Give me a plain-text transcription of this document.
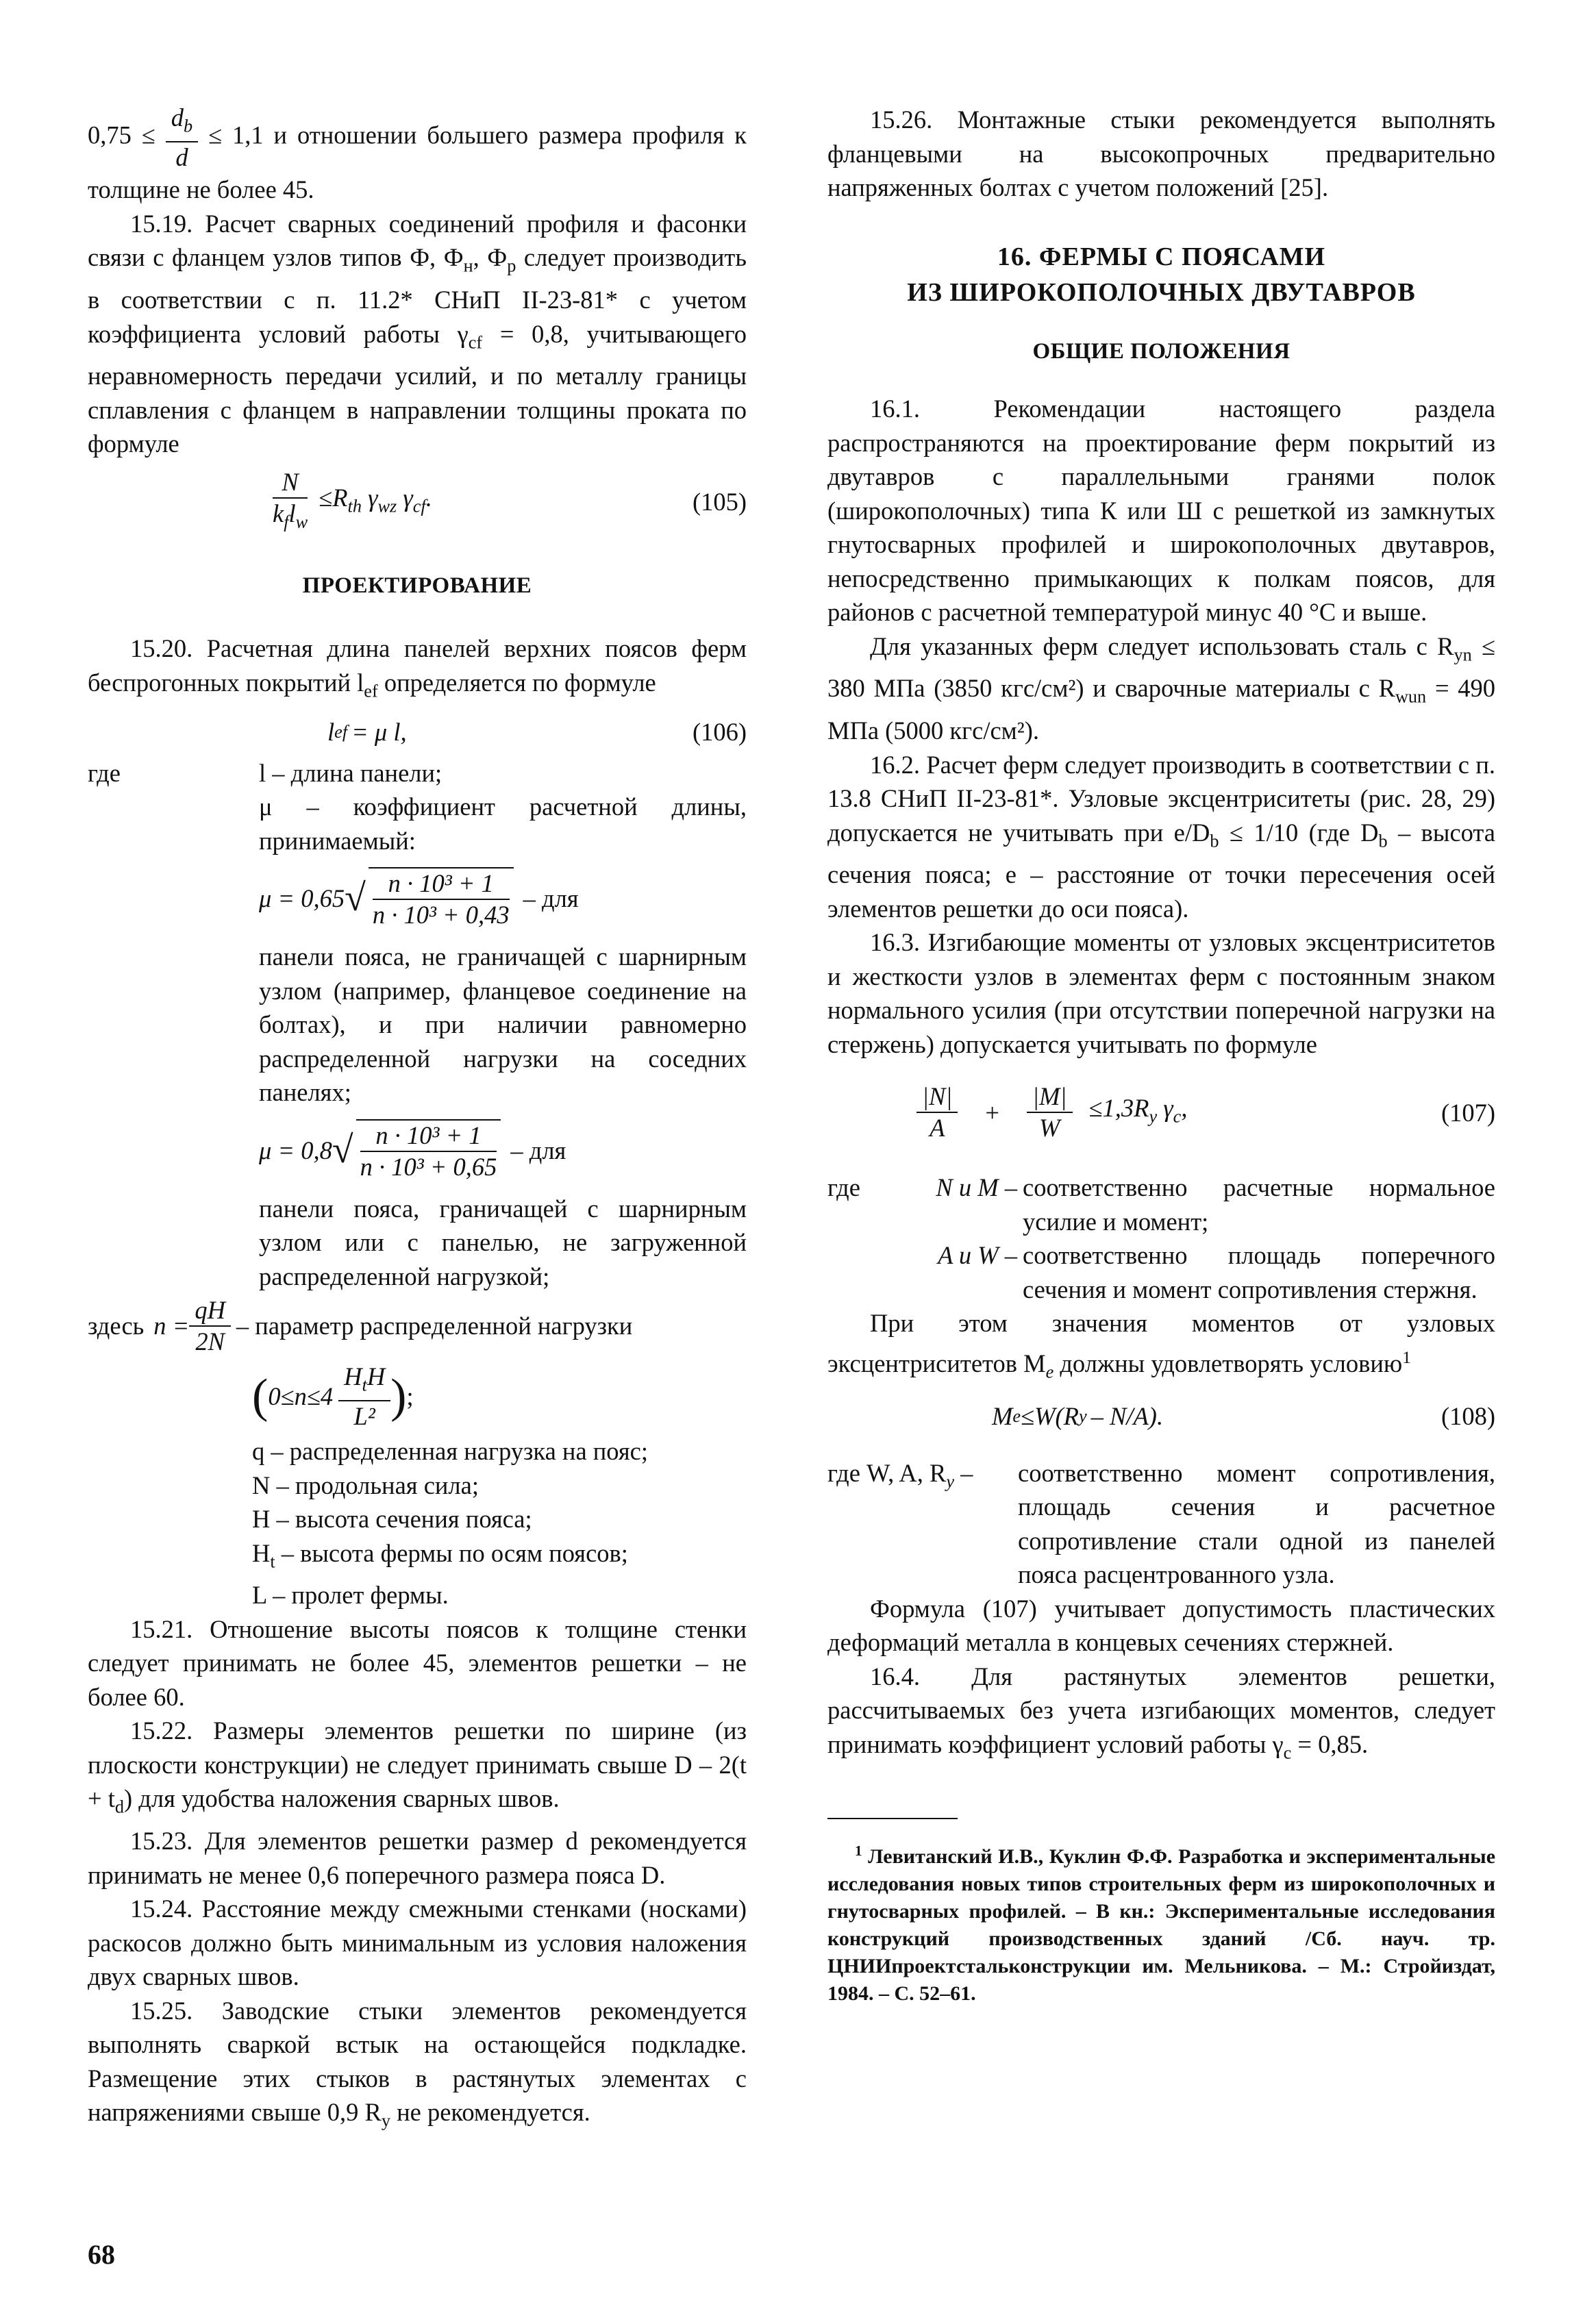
$0,75 \le \frac{d_b}{d} \le 1,1$ и отношении большего размера профиля к толщине не более 45.

15.19. Расчет сварных соединений профиля и фасонки связи с фланцем узлов типов Ф, $Ф_н$, $Ф_р$ следует производить в соответствии с п. 11.2* СНиП II-23-81* с учетом коэффициента условий работы $\gamma_{cf} = 0,8$, учитывающего неравномерность передачи усилий, и по металлу границы сплавления с фланцем в направлении толщины проката по формуле

$\frac{N}{k_fl_w} \le R_{th}$ $\gamma_{wz}$ $\gamma_{cf}$.	(105)

ПРОЕКТИРОВАНИЕ

15.20. Расчетная длина панелей верхних поясов ферм беспрогонных покрытий $l_{ef}$ определяется по формуле

l ef = μ l,	(106)
где	l – длина панели;

μ – коэффициент расчетной длины, принимаемый:

μ = 0,65 √ $\frac{\text{n · 10³ + 1}}{\text{n · 10³ + 0,43}}$ – для

панели пояса, не граничащей с шарнирным узлом (например, фланцевое соединение на болтах), и при наличии равномерно распределенной нагрузки на соседних панелях;

μ = 0,8 √ $\frac{\text{n · 10³ + 1}}{\text{n · 10³ + 0,65}}$ – для

панели пояса, граничащей с шарнирным узлом или с панелью, не загруженной распределенной нагрузкой;

здесь $n = \frac{qH}{2N}$ – параметр распределенной нагрузки
( $0\le n\le 4 \frac{H_tH}{\text{L²}}$ ) ;

q – распределенная нагрузка на пояс;

N – продольная сила;

H – высота сечения пояса;

$H_t$ – высота фермы по осям поясов;

L – пролет фермы.

15.21. Отношение высоты поясов к толщине стенки следует принимать не более 45, элементов решетки – не более 60.

15.22. Размеры элементов решетки по ширине (из плоскости конструкции) не следует принимать свыше $D - 2(t + t_d)$ для удобства наложения сварных швов.

15.23. Для элементов решетки размер d рекомендуется принимать не менее 0,6 поперечного размера пояса D.

15.24. Расстояние между смежными стенками (носками) раскосов должно быть минимальным из условия наложения двух сварных швов.

15.25. Заводские стыки элементов рекомендуется выполнять сваркой встык на остающейся подкладке. Размещение этих стыков в растянутых элементах с напряжениями свыше 0,9 $R_y$ не рекомендуется.

15.26. Монтажные стыки рекомендуется выполнять фланцевыми на высокопрочных предварительно напряженных болтах с учетом положений [25].

16. ФЕРМЫ С ПОЯСАМИ

ИЗ ШИРОКОПОЛОЧНЫХ ДВУТАВРОВ

ОБЩИЕ ПОЛОЖЕНИЯ

16.1. Рекомендации настоящего раздела распространяются на проектирование ферм покрытий из двутавров с параллельными гранями полок (широкополочных) типа К или Ш с решеткой из замкнутых гнутосварных профилей и широкополочных двутавров, непосредственно примыкающих к полкам поясов, для районов с расчетной температурой минус 40 °С и выше.

Для указанных ферм следует использовать сталь с $R_{yn} \le 380$ МПа (3850 кгс/см²) и сварочные материалы с $R_{wun} = 490$ МПа (5000 кгс/см²).

16.2. Расчет ферм следует производить в соответствии с п. 13.8 СНиП II-23-81*. Узловые эксцентриситеты (рис. 28, 29) допускается не учитывать при $e/D_b \le 1/10$ (где $D_b$ – высота сечения пояса; e – расстояние от точки пересечения осей элементов решетки до оси пояса).

16.3. Изгибающие моменты от узловых эксцентриситетов и жесткости узлов в элементах ферм с постоянным знаком нормального усилия (при отсутствии поперечной нагрузки на стержень) допускается учитывать по формуле

$\frac{|N|}{A} + \frac{|M|}{W} \le 1,3R_y$ $\gamma_c$,	(107)
где	N и M – соответственно расчетные нормальное усилие и момент;
A и W – соответственно площадь поперечного сечения и момент сопротивления стержня.

При этом значения моментов от узловых эксцентриситетов $M_e$ должны удовлетворять условию$^1$

M e ≤W(R y – N/A).	(108)
где W, A, $R_y$ –	соответственно момент сопротивления, площадь сечения и расчетное сопротивление стали одной из панелей пояса расцентрованного узла.

Формула (107) учитывает допустимость пластических деформаций металла в концевых сечениях стержней.

16.4. Для растянутых элементов решетки, рассчитываемых без учета изгибающих моментов, следует принимать коэффициент условий работы $\gamma_c = 0,85$.

$^1$ Левитанский И.В., Куклин Ф.Ф. Разработка и экспериментальные исследования новых типов строительных ферм из широкополочных и гнутосварных профилей. – В кн.: Экспериментальные исследования конструкций производственных зданий /Сб. науч. тр. ЦНИИпроектстальконструкции им. Мельникова. – М.: Стройиздат, 1984. – С. 52–61.

68
